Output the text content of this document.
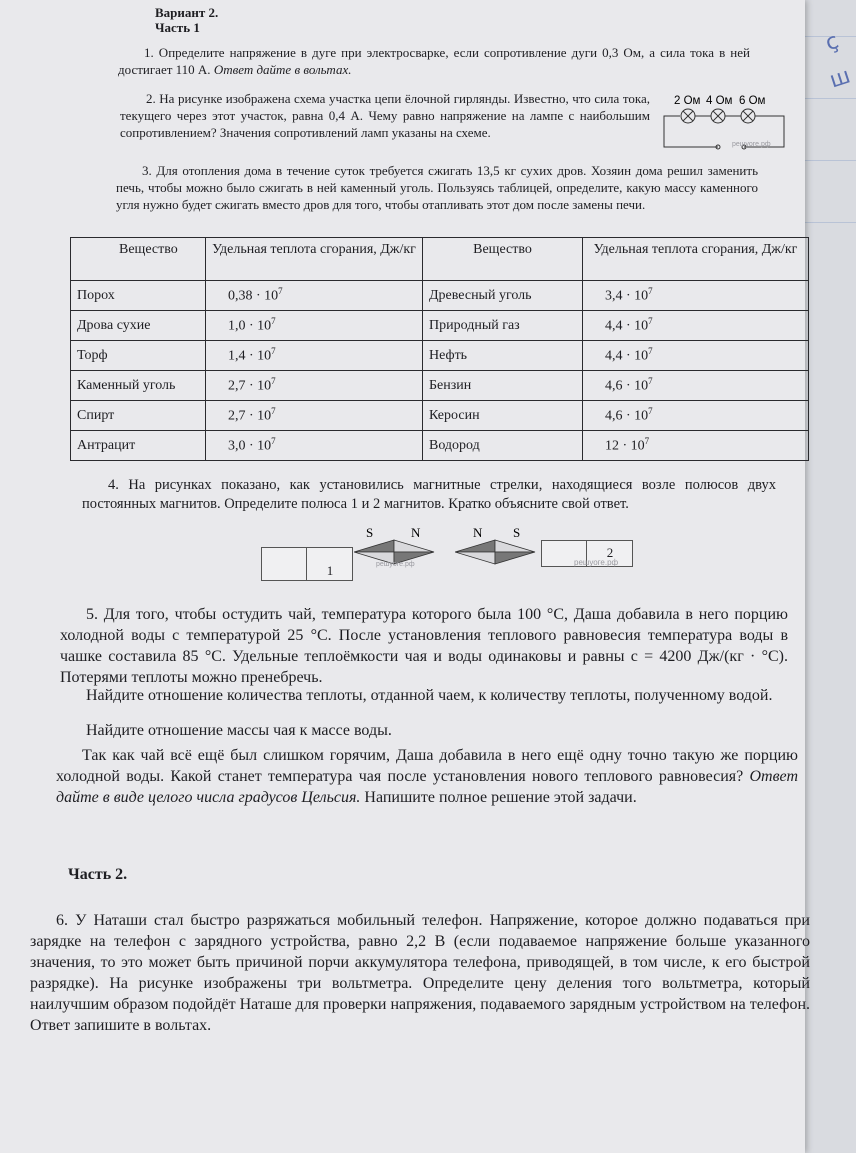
ç
ш
Вариант 2.
Часть 1
1. Определите напряжение в дуге при электросварке, если сопротивление дуги 0,3 Ом, а сила тока в ней достигает 110 А. Ответ дайте в вольтах.
2. На рисунке изображена схема участка цепи ёлочной гирлянды. Известно, что сила тока, текущего через этот участок, равна 0,4 А. Чему равно напряжение на лампе с наибольшим сопротивлением? Значения сопротивлений ламп указаны на схеме.
2 Ом 4 Ом 6 Ом
решуоге.рф
3. Для отопления дома в течение суток требуется сжигать 13,5 кг сухих дров. Хозяин дома решил заменить печь, чтобы можно было сжигать в ней каменный уголь. Пользуясь таблицей, определите, какую массу каменного угля нужно будет сжигать вместо дров для того, чтобы отапливать этот дом после замены печи.
Вещество	Удельная теплота сгорания, Дж/кг	Вещество	Удельная теплота сгорания, Дж/кг
Порох	$0,38 \cdot 10^7$	Древесный уголь	$3,4 \cdot 10^7$
Дрова сухие	$1,0 \cdot 10^7$	Природный газ	$4,4 \cdot 10^7$
Торф	$1,4 \cdot 10^7$	Нефть	$4,4 \cdot 10^7$
Каменный уголь	$2,7 \cdot 10^7$	Бензин	$4,6 \cdot 10^7$
Спирт	$2,7 \cdot 10^7$	Керосин	$4,6 \cdot 10^7$
Антрацит	$3,0 \cdot 10^7$	Водород	$12 \cdot 10^7$
4. На рисунках показано, как установились магнитные стрелки, находящиеся возле полюсов двух постоянных магнитов. Определите полюса 1 и 2 магнитов. Кратко объясните свой ответ.
1
S	N
решуоге.рф
N S
2
решуоге.рф
5. Для того, чтобы остудить чай, температура которого была 100 °С, Даша добавила в него порцию холодной воды с температурой 25 °С. После установления теплового равновесия температура воды в чашке составила 85 °С. Удельные теплоёмкости чая и воды одинаковы и равны c = 4200 Дж/(кг · °С). Потерями теплоты можно пренебречь.
Найдите отношение количества теплоты, отданной чаем, к количеству теплоты, полученному водой.
Найдите отношение массы чая к массе воды.
Так как чай всё ещё был слишком горячим, Даша добавила в него ещё одну точно такую же порцию холодной воды. Какой станет температура чая после установления нового теплового равновесия? Ответ дайте в виде целого числа градусов Цельсия. Напишите полное решение этой задачи.
Часть 2.
6. У Наташи стал быстро разряжаться мобильный телефон. Напряжение, которое должно подаваться при зарядке на телефон с зарядного устройства, равно 2,2 В (если подаваемое напряжение больше указанного значения, то это может быть причиной порчи аккумулятора телефона, приводящей, в том числе, к его быстрой разрядке). На рисунке изображены три вольтметра. Определите цену деления того вольтметра, который наилучшим образом подойдёт Наташе для проверки напряжения, подаваемого зарядным устройством на телефон. Ответ запишите в вольтах.
